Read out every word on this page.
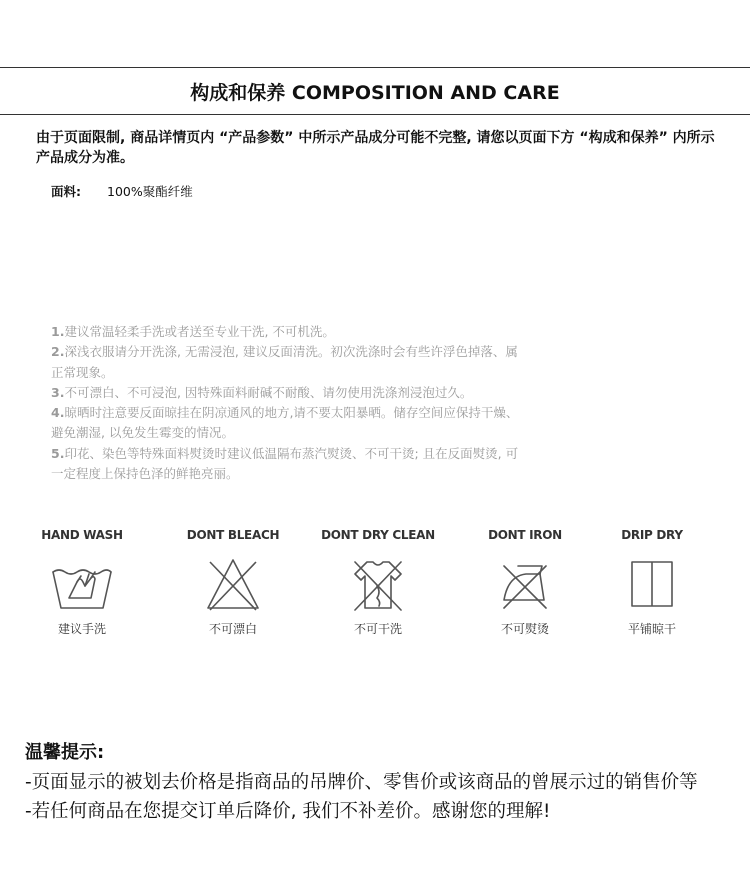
构成和保养 COMPOSITION AND CARE
由于页面限制, 商品详情页内 “产品参数” 中所示产品成分可能不完整, 请您以页面下方 “构成和保养” 内所示产品成分为准。
面料: 100%聚酯纤维
1.建议常温轻柔手洗或者送至专业干洗, 不可机洗。
2.深浅衣服请分开洗涤, 无需浸泡, 建议反面清洗。初次洗涤时会有些许浮色掉落、属正常现象。
3.不可漂白、不可浸泡, 因特殊面料耐碱不耐酸、请勿使用洗涤剂浸泡过久。
4.晾晒时注意要反面晾挂在阴凉通风的地方,请不要太阳暴晒。储存空间应保持干燥、避免潮湿, 以免发生霉变的情况。
5.印花、染色等特殊面料熨烫时建议低温隔布蒸汽熨烫、不可干烫; 且在反面熨烫, 可一定程度上保持色泽的鲜艳亮丽。
HAND WASH
建议手洗
DONT BLEACH
不可漂白
DONT DRY CLEAN
不可干洗
DONT IRON
不可熨烫
DRIP DRY
平铺晾干
温馨提示:
-页面显示的被划去价格是指商品的吊牌价、零售价或该商品的曾展示过的销售价等
-若任何商品在您提交订单后降价, 我们不补差价。感谢您的理解!
